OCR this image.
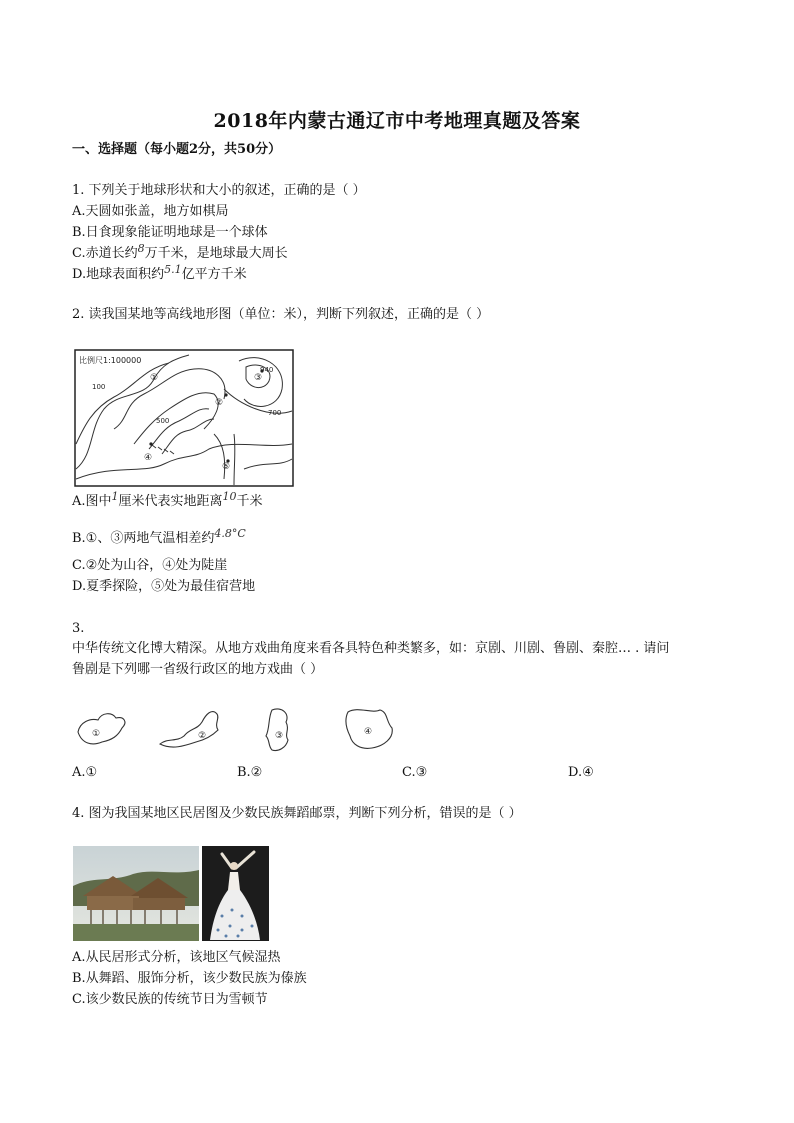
2018年内蒙古通辽市中考地理真题及答案
一、选择题（每小题2分，共50分）
1. 下列关于地球形状和大小的叙述，正确的是（ ）
A.天圆如张盖，地方如棋局
B.日食现象能证明地球是一个球体
C.赤道长约$^8$万千米，是地球最大周长
D.地球表面积约$^{5.1}$亿平方千米
2. 读我国某地等高线地形图（单位：米），判断下列叙述，正确的是（ ）
比例尺1:100000
①
②
③
④
⑤
100
500
940
700
A.图中$^1$厘米代表实地距离$^{10}$千米
B.①、③两地气温相差约$^{4.8^\circ C}$
C.②处为山谷，④处为陡崖
D.夏季探险，⑤处为最佳宿营地
3.
中华传统文化博大精深。从地方戏曲角度来看各具特色种类繁多，如：京剧、川剧、鲁剧、秦腔… . 请问
鲁剧是下列哪一省级行政区的地方戏曲（ ）
①	②	③	④
A.①	B.②	C.③	D.④
4. 图为我国某地区民居图及少数民族舞蹈邮票，判断下列分析，错误的是（ ）
A.从民居形式分析，该地区气候湿热
B.从舞蹈、服饰分析，该少数民族为傣族
C.该少数民族的传统节日为雪顿节
